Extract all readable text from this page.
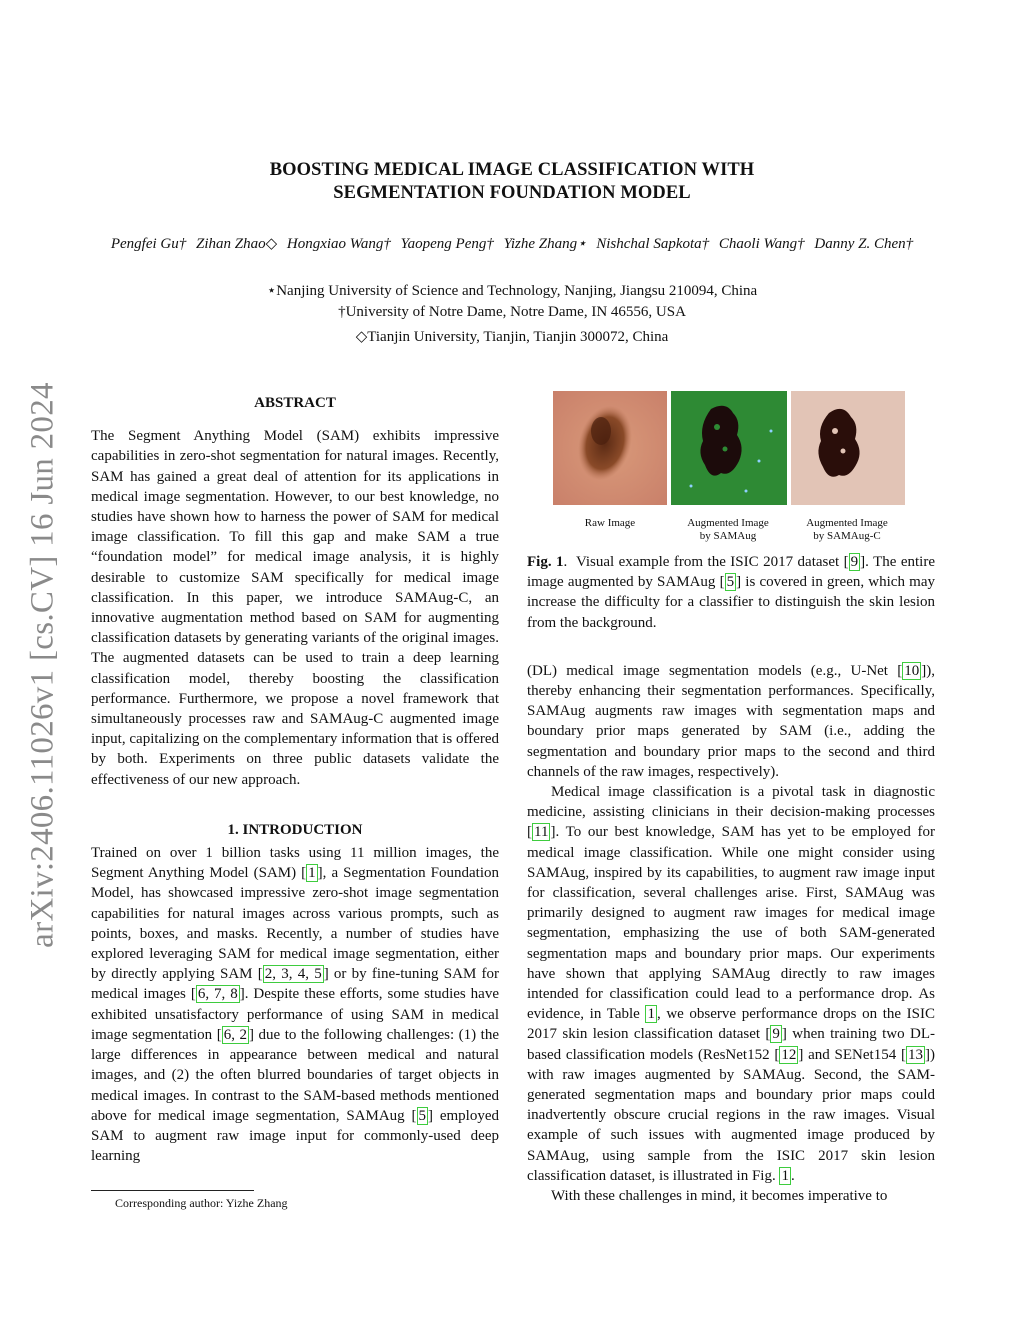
arXiv:2406.11026v1 [cs.CV] 16 Jun 2024
BOOSTING MEDICAL IMAGE CLASSIFICATION WITH
SEGMENTATION FOUNDATION MODEL
Pengfei Gu† Zihan Zhao◇ Hongxiao Wang† Yaopeng Peng† Yizhe Zhang⋆ Nishchal Sapkota† Chaoli Wang† Danny Z. Chen†
⋆Nanjing University of Science and Technology, Nanjing, Jiangsu 210094, China
†University of Notre Dame, Notre Dame, IN 46556, USA
◇Tianjin University, Tianjin, Tianjin 300072, China
ABSTRACT

The Segment Anything Model (SAM) exhibits impressive capabilities in zero-shot segmentation for natural images. Recently, SAM has gained a great deal of attention for its applications in medical image segmentation. However, to our best knowledge, no studies have shown how to harness the power of SAM for medical image classification. To fill this gap and make SAM a true “foundation model” for medical image analysis, it is highly desirable to customize SAM specifically for medical image classification. In this paper, we introduce SAMAug-C, an innovative augmentation method based on SAM for augmenting classification datasets by generating variants of the original images. The augmented datasets can be used to train a deep learning classification model, thereby boosting the classification performance. Furthermore, we propose a novel framework that simultaneously processes raw and SAMAug-C augmented image input, capitalizing on the complementary information that is offered by both. Experiments on three public datasets validate the effectiveness of our new approach.

1. INTRODUCTION

Trained on over 1 billion tasks using 11 million images, the Segment Anything Model (SAM) [ 1 ], a Segmentation Foundation Model, has showcased impressive zero-shot image segmentation capabilities for natural images across various prompts, such as points, boxes, and masks. Recently, a number of studies have explored leveraging SAM for medical image segmentation, either by directly applying SAM [ 2, 3, 4, 5 ] or by fine-tuning SAM for medical images [ 6, 7, 8 ]. Despite these efforts, some studies have exhibited unsatisfactory performance of using SAM in medical image segmentation [ 6, 2 ] due to the following challenges: (1) the large differences in appearance between medical and natural images, and (2) the often blurred boundaries of target objects in medical images. In contrast to the SAM-based methods mentioned above for medical image segmentation, SAMAug [ 5 ] employed SAM to augment raw image input for commonly-used deep learning

Corresponding author: Yizhe Zhang
Raw Image	Augmented Image
by SAMAug
Augmented Image
by SAMAug-C

Fig. 1.  Visual example from the ISIC 2017 dataset [ 9 ]. The entire image augmented by SAMAug [ 5 ] is covered in green, which may increase the difficulty for a classifier to distinguish the skin lesion from the background.

(DL) medical image segmentation models (e.g., U-Net [ 10 ]), thereby enhancing their segmentation performances. Specifically, SAMAug augments raw images with segmentation maps and boundary prior maps generated by SAM (i.e., adding the segmentation and boundary prior maps to the second and third channels of the raw images, respectively).

Medical image classification is a pivotal task in diagnostic medicine, assisting clinicians in their decision-making processes [ 11 ]. To our best knowledge, SAM has yet to be employed for medical image classification. While one might consider using SAMAug, inspired by its capabilities, to augment raw image input for classification, several challenges arise. First, SAMAug was primarily designed to augment raw images for medical image segmentation, emphasizing the use of both SAM-generated segmentation maps and boundary prior maps. Our experiments have shown that applying SAMAug directly to raw images intended for classification could lead to a performance drop. As evidence, in Table 1 , we observe performance drops on the ISIC 2017 skin lesion classification dataset [ 9 ] when training two DL-based classification models (ResNet152 [ 12 ] and SENet154 [ 13 ]) with raw images augmented by SAMAug. Second, the SAM-generated segmentation maps and boundary prior maps could inadvertently obscure crucial regions in the raw images. Visual example of such issues with augmented image produced by SAMAug, using sample from the ISIC 2017 skin lesion classification dataset, is illustrated in Fig. 1 .

With these challenges in mind, it becomes imperative to
